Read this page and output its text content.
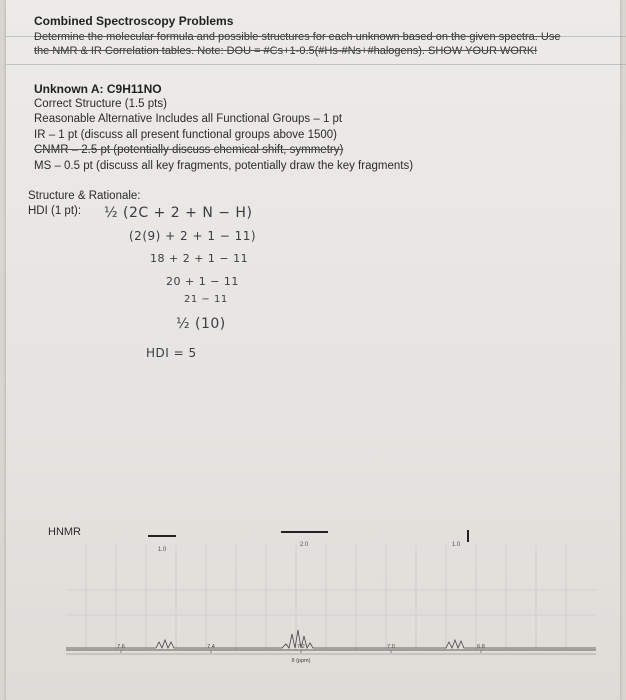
Combined Spectroscopy Problems
Determine the molecular formula and possible structures for each unknown based on the given spectra. Use
the NMR & IR Correlation tables. Note: DOU = #Cs+1-0.5(#Hs-#Ns+#halogens). SHOW YOUR WORK!
Unknown A: C9H11NO
Correct Structure (1.5 pts)
Reasonable Alternative Includes all Functional Groups – 1 pt
IR – 1 pt (discuss all present functional groups above 1500)
CNMR – 2.5 pt (potentially discuss chemical shift, symmetry)
MS – 0.5 pt (discuss all key fragments, potentially draw the key fragments)
Structure & Rationale:
HDI (1 pt): ½ (2C + 2 + N − H)
(2(9) + 2 + 1 − 11)
18 + 2 + 1 − 11
20 + 1 − 11
21 − 11
½ (10)
HDI = 5
HNMR
1.0
2.0	1.0
7.6	7.4	7.2	7.0	6.8
δ (ppm)
